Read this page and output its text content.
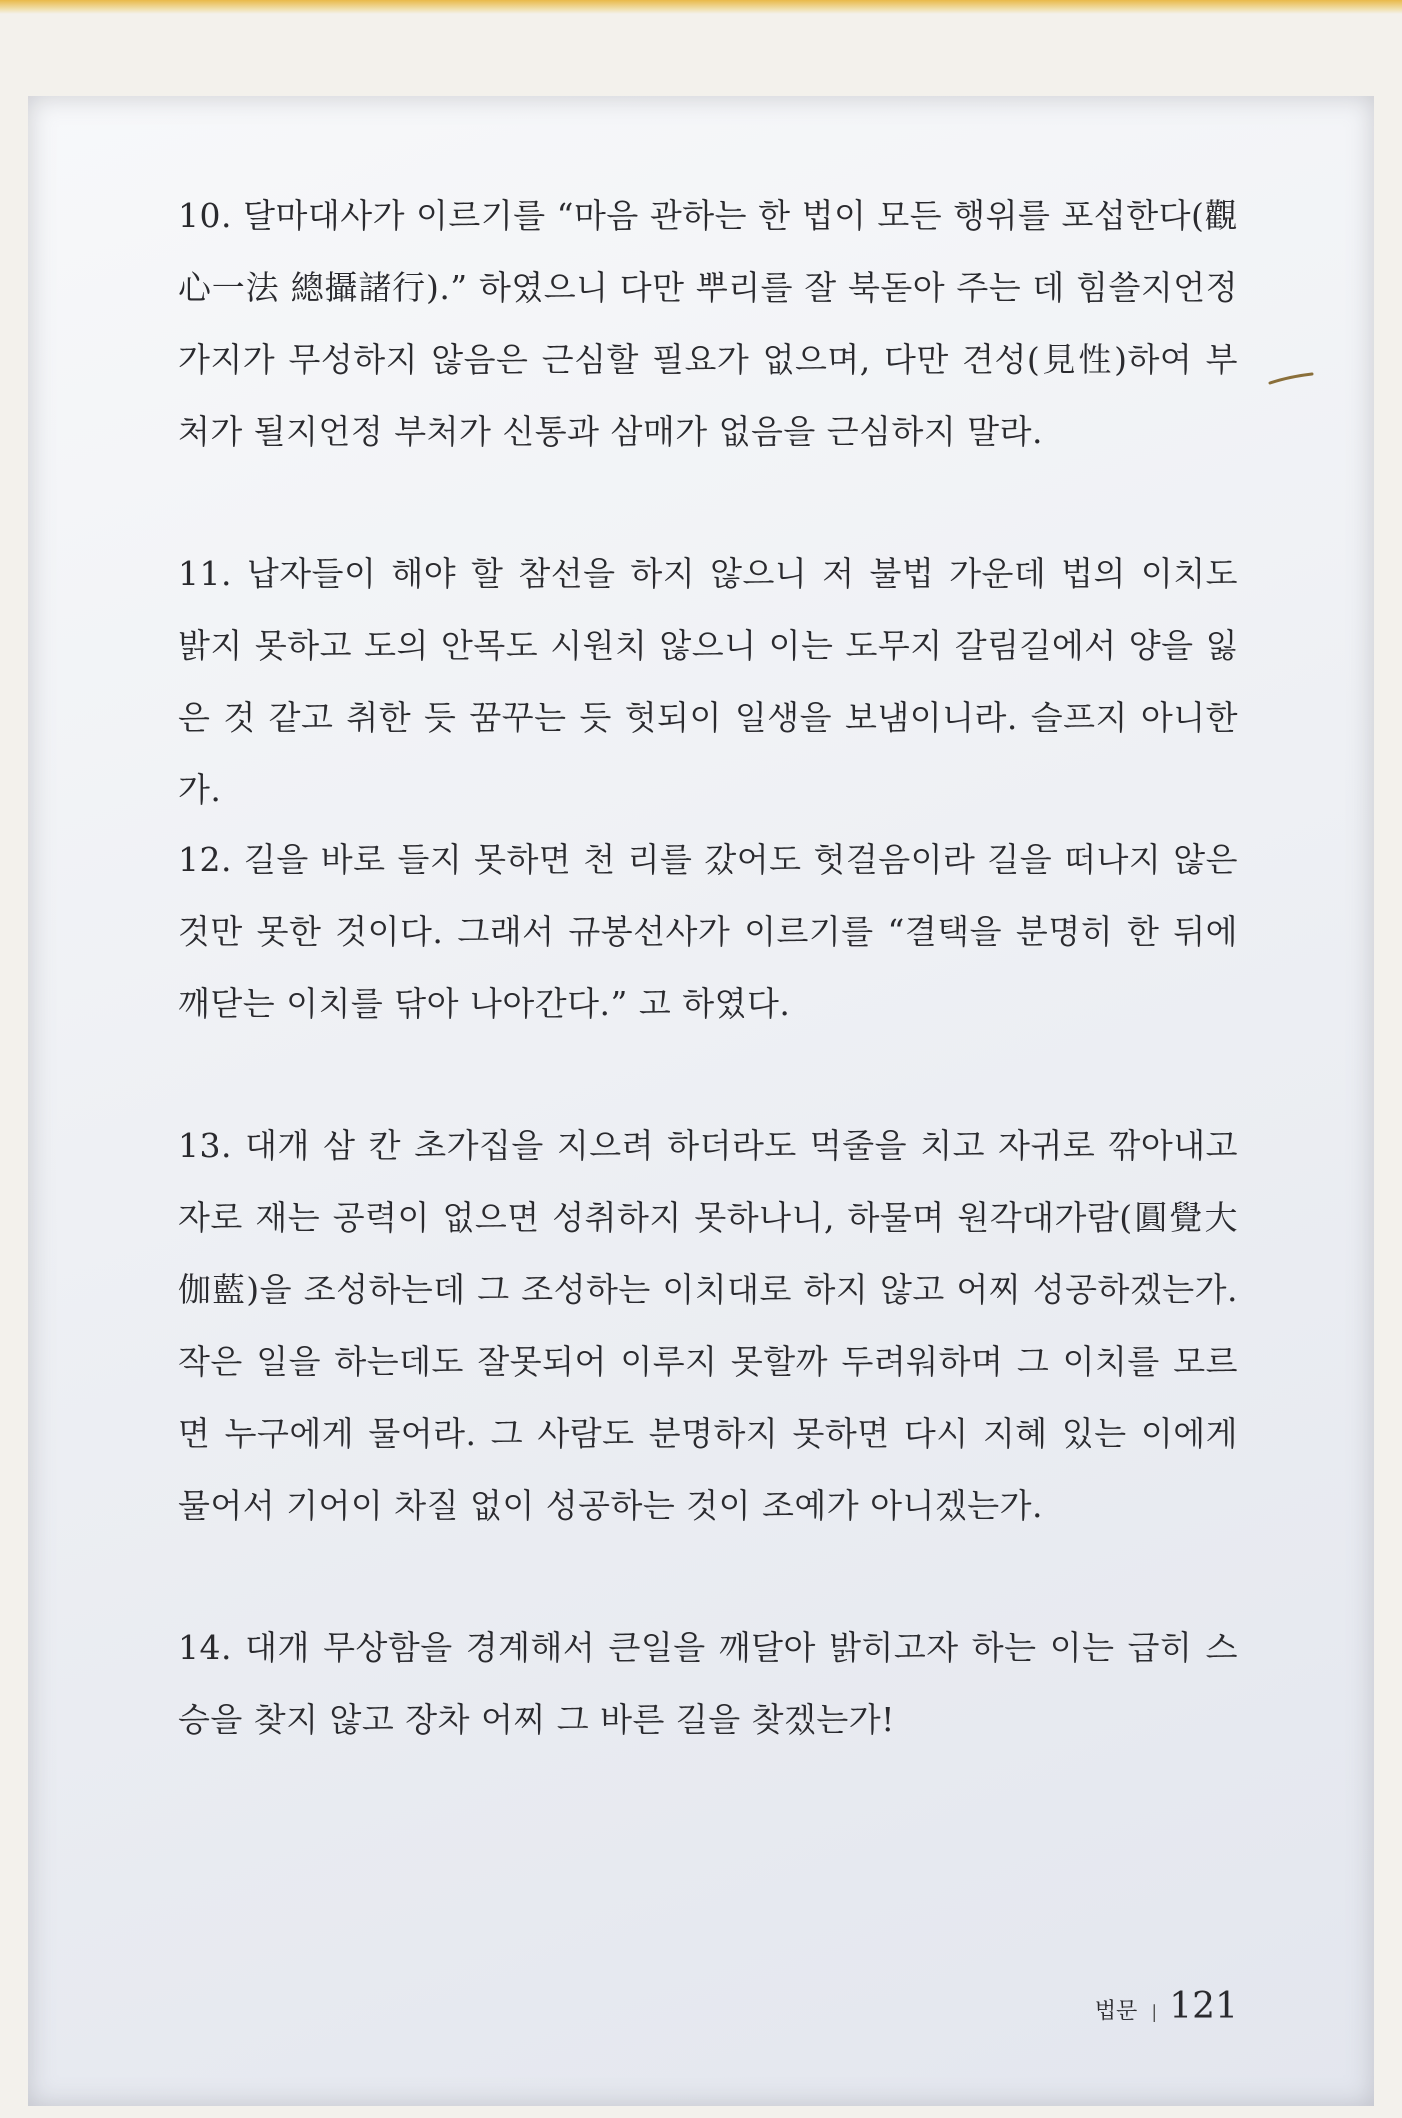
10. 달마대사가 이르기를 “마음 관하는 한 법이 모든 행위를 포섭한다(觀心一法 總攝諸行).” 하였으니 다만 뿌리를 잘 북돋아 주는 데 힘쓸지언정 가지가 무성하지 않음은 근심할 필요가 없으며, 다만 견성(見性)하여 부처가 될지언정 부처가 신통과 삼매가 없음을 근심하지 말라.

11. 납자들이 해야 할 참선을 하지 않으니 저 불법 가운데 법의 이치도 밝지 못하고 도의 안목도 시원치 않으니 이는 도무지 갈림길에서 양을 잃은 것 같고 취한 듯 꿈꾸는 듯 헛되이 일생을 보냄이니라. 슬프지 아니한가.

12. 길을 바로 들지 못하면 천 리를 갔어도 헛걸음이라 길을 떠나지 않은 것만 못한 것이다. 그래서 규봉선사가 이르기를 “결택을 분명히 한 뒤에 깨닫는 이치를 닦아 나아간다.” 고 하였다.

13. 대개 삼 칸 초가집을 지으려 하더라도 먹줄을 치고 자귀로 깎아내고 자로 재는 공력이 없으면 성취하지 못하나니, 하물며 원각대가람(圓覺大伽藍)을 조성하는데 그 조성하는 이치대로 하지 않고 어찌 성공하겠는가. 작은 일을 하는데도 잘못되어 이루지 못할까 두려워하며 그 이치를 모르면 누구에게 물어라. 그 사람도 분명하지 못하면 다시 지혜 있는 이에게 물어서 기어이 차질 없이 성공하는 것이 조예가 아니겠는가.

14. 대개 무상함을 경계해서 큰일을 깨달아 밝히고자 하는 이는 급히 스승을 찾지 않고 장차 어찌 그 바른 길을 찾겠는가!

법문 | 121
